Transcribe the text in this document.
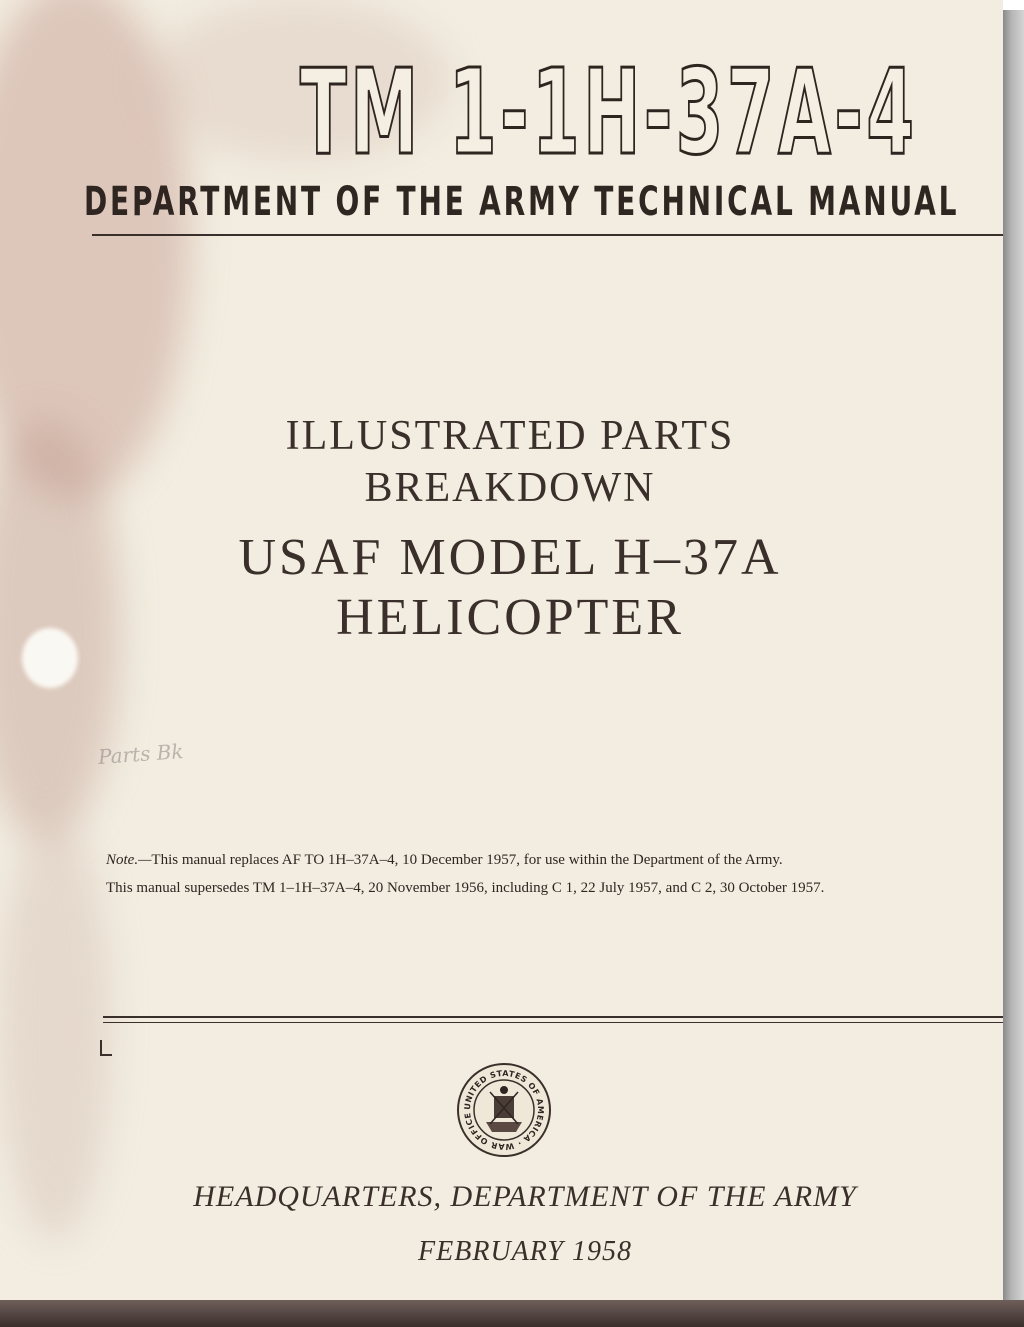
TM 1-1H-37A-4
DEPARTMENT OF THE ARMY TECHNICAL MANUAL
ILLUSTRATED PARTS
BREAKDOWN
USAF MODEL H–37A
HELICOPTER
Parts Bk
Note.—This manual replaces AF TO 1H–37A–4, 10 December 1957, for use within the Department of the Army.
This manual supersedes TM 1–1H–37A–4, 20 November 1956, including C 1, 22 July 1957, and C 2, 30 October 1957.
UNITED STATES OF AMERICA · WAR OFFICE
HEADQUARTERS, DEPARTMENT OF THE ARMY
FEBRUARY 1958
